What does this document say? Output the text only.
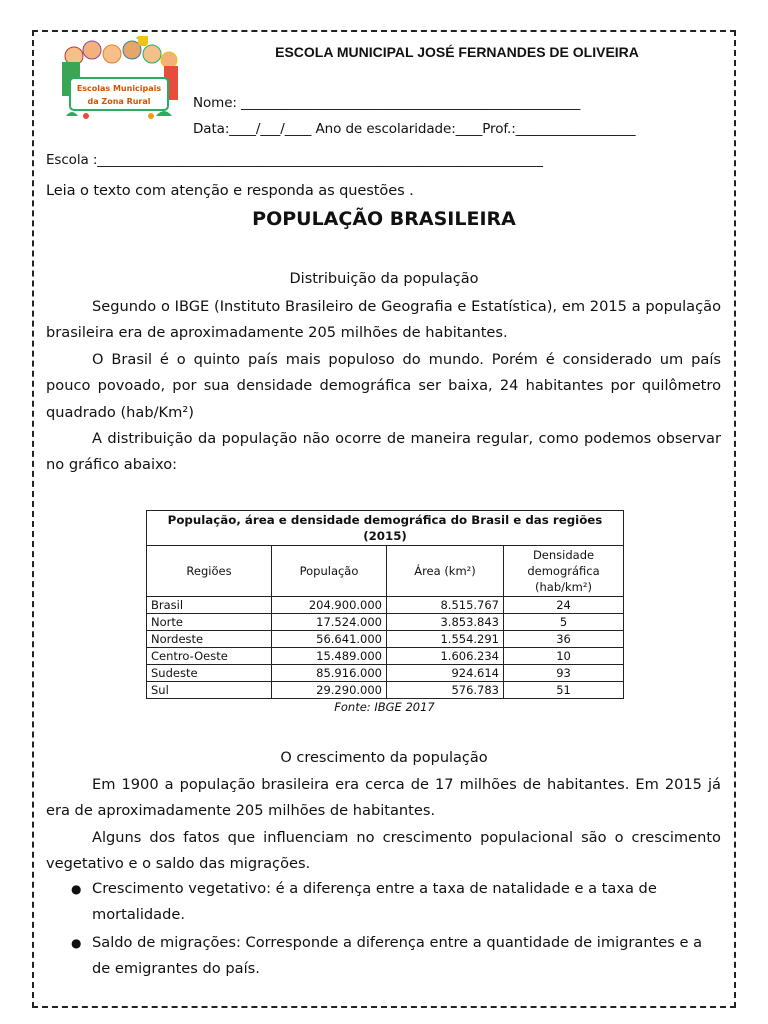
Escolas Municipais
da Zona Rural
ESCOLA MUNICIPAL JOSÉ FERNANDES DE OLIVEIRA
Nome: ___________________________________________________
Data:____/___/____ Ano de escolaridade:____Prof.:__________________
Escola :___________________________________________________________________
Leia o texto com atenção e responda as questões .
POPULAÇÃO BRASILEIRA
Distribuição da população

Segundo o IBGE (Instituto Brasileiro de Geografia e Estatística), em 2015 a população brasileira era de aproximadamente 205 milhões de habitantes.

O Brasil é o quinto país mais populoso do mundo. Porém é considerado um país pouco povoado, por sua densidade demográfica ser baixa, 24 habitantes por quilômetro quadrado (hab/Km²)

A distribuição da população não ocorre de maneira regular, como podemos observar no gráfico abaixo:

População, área e densidade demográfica do Brasil e das regiões (2015)			
Regiões	População	Área (km²)	Densidade demográfica (hab/km²)
Brasil	204.900.000	8.515.767	24
Norte	17.524.000	3.853.843	5
Nordeste	56.641.000	1.554.291	36
Centro-Oeste	15.489.000	1.606.234	10
Sudeste	85.916.000	924.614	93
Sul	29.290.000	576.783	51
Fonte: IBGE 2017
O crescimento da população

Em 1900 a população brasileira era cerca de 17 milhões de habitantes. Em 2015 já era de aproximadamente 205 milhões de habitantes.

Alguns dos fatos que influenciam no crescimento populacional são o crescimento vegetativo e o saldo das migrações.

● Crescimento vegetativo: é a diferença entre a taxa de natalidade e a taxa de mortalidade.
● Saldo de migrações: Corresponde a diferença entre a quantidade de imigrantes e a de emigrantes do país.
